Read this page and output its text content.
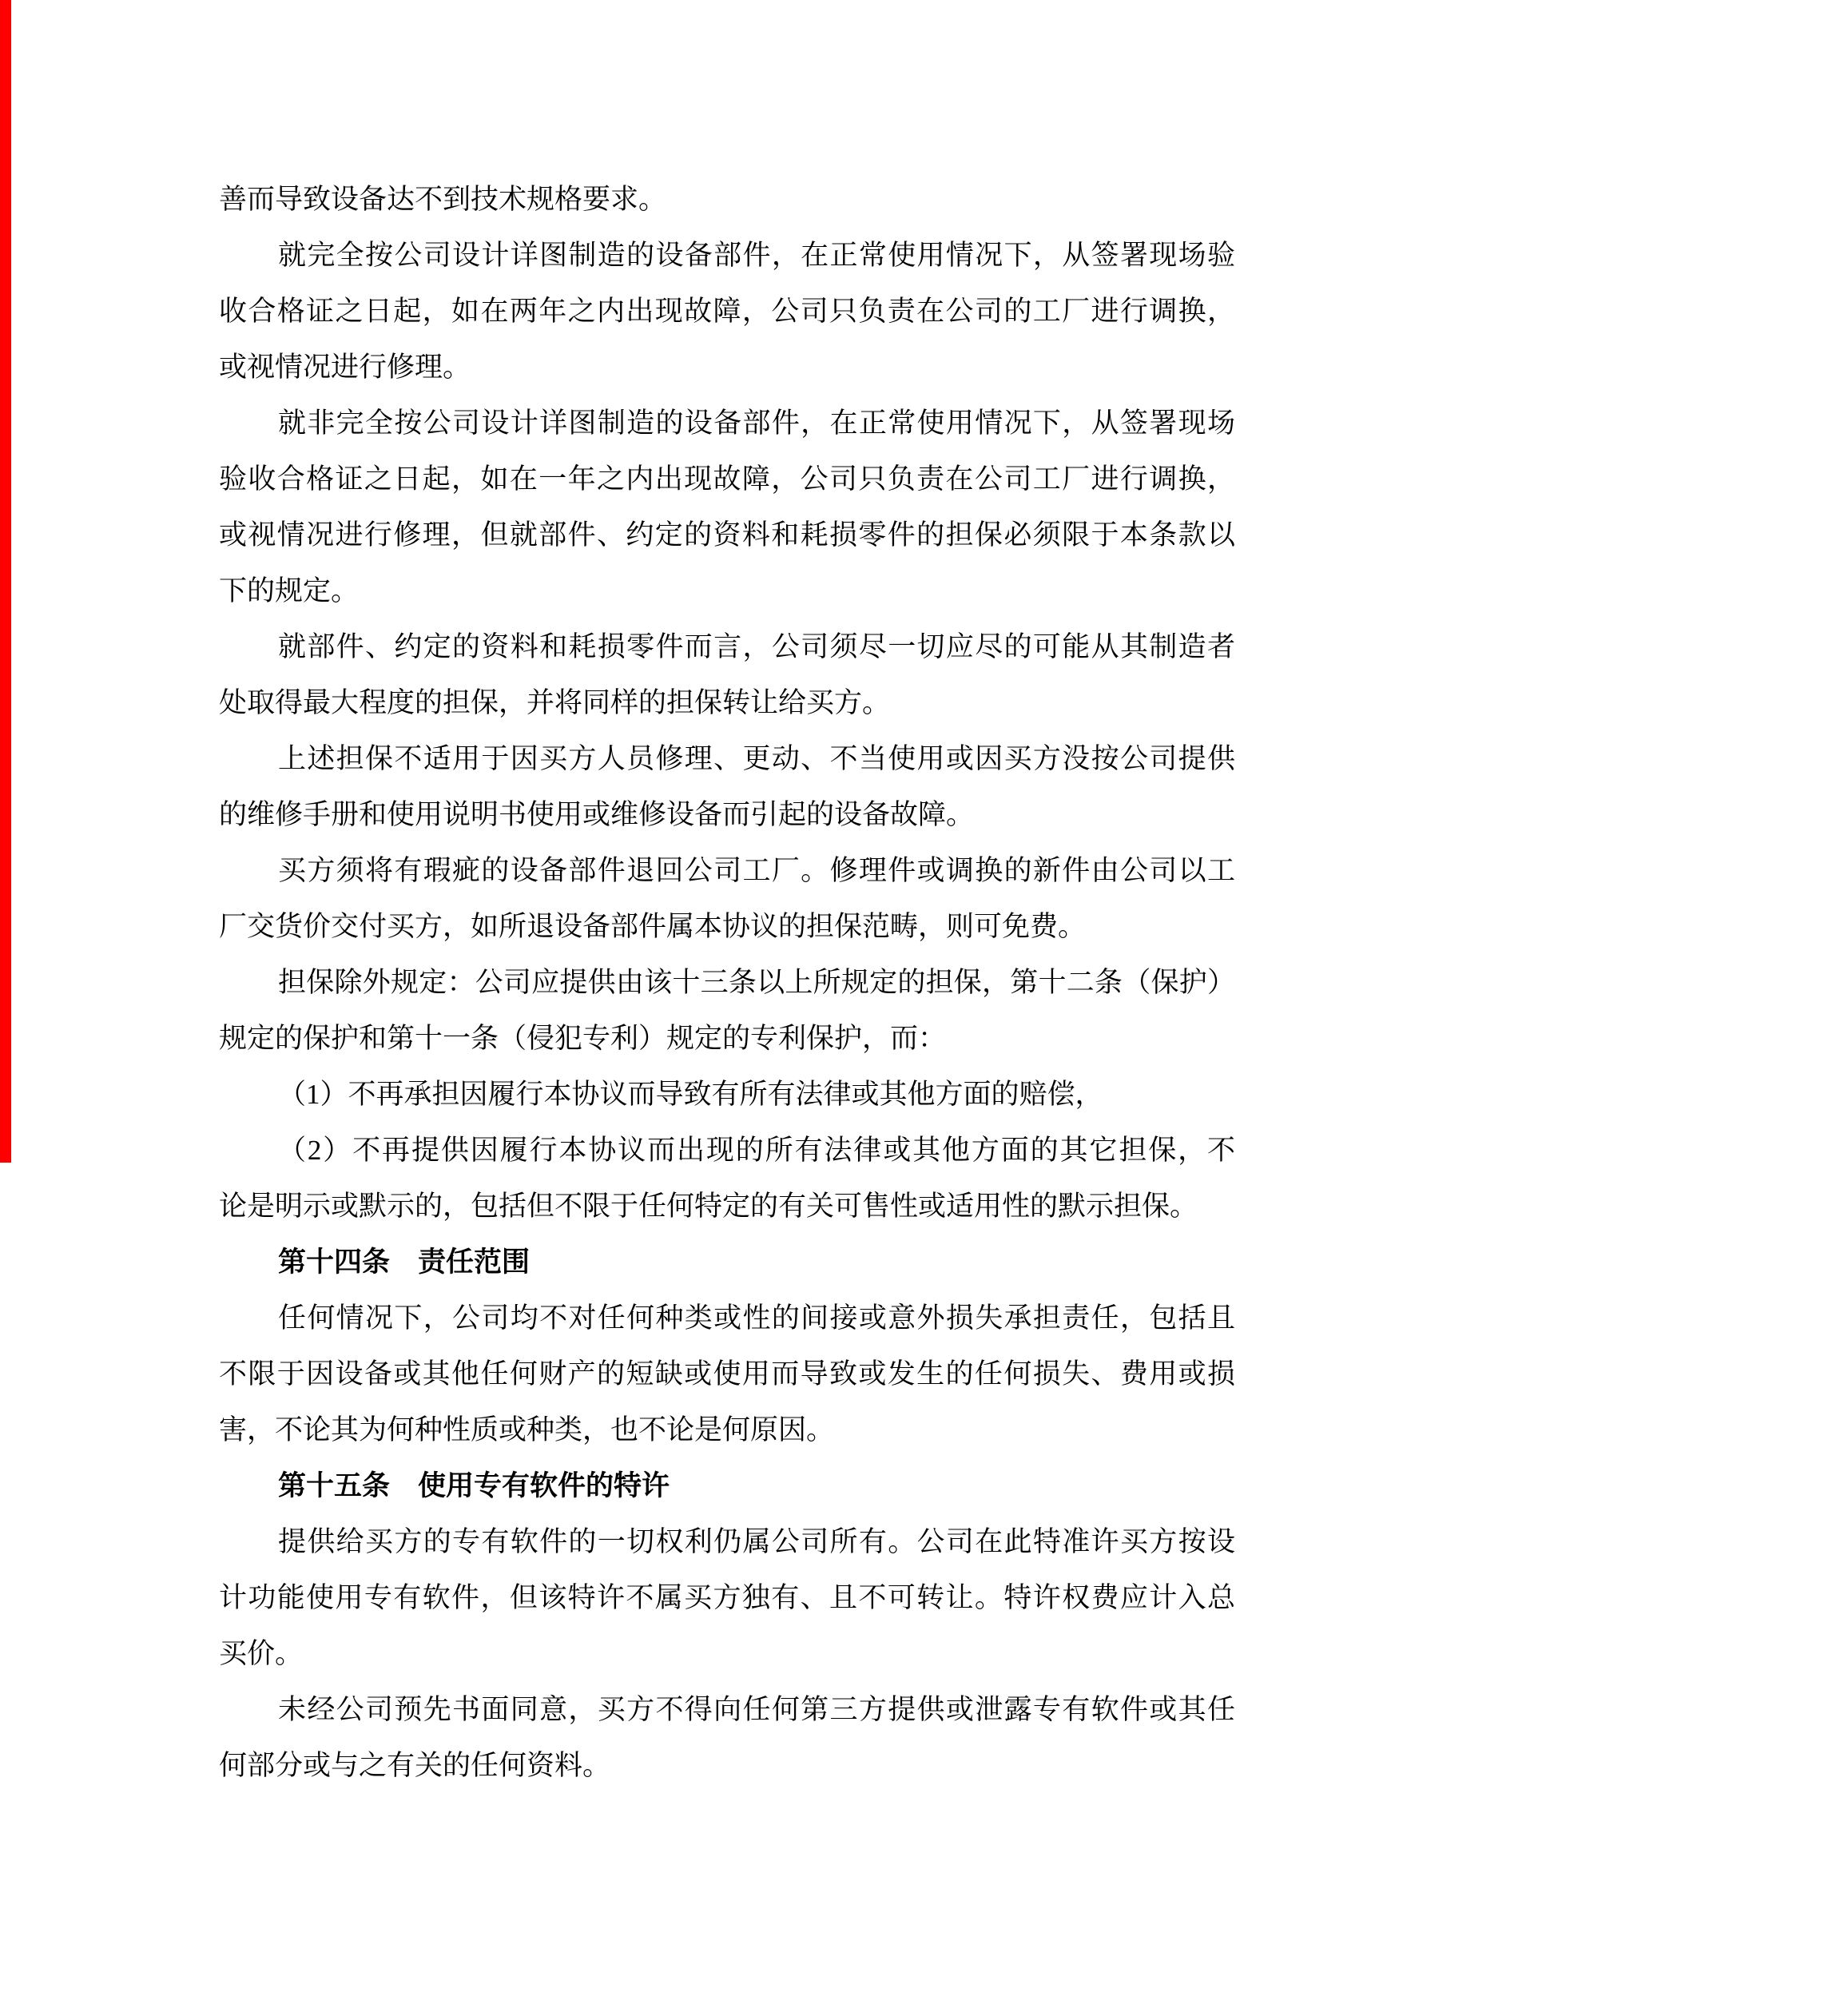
善而导致设备达不到技术规格要求。
就完全按公司设计详图制造的设备部件，在正常使用情况下，从签署现场验
收合格证之日起，如在两年之内出现故障，公司只负责在公司的工厂进行调换，
或视情况进行修理。
就非完全按公司设计详图制造的设备部件，在正常使用情况下，从签署现场
验收合格证之日起，如在一年之内出现故障，公司只负责在公司工厂进行调换，
或视情况进行修理，但就部件、约定的资料和耗损零件的担保必须限于本条款以
下的规定。
就部件、约定的资料和耗损零件而言，公司须尽一切应尽的可能从其制造者
处取得最大程度的担保，并将同样的担保转让给买方。
上述担保不适用于因买方人员修理、更动、不当使用或因买方没按公司提供
的维修手册和使用说明书使用或维修设备而引起的设备故障。
买方须将有瑕疵的设备部件退回公司工厂。修理件或调换的新件由公司以工
厂交货价交付买方，如所退设备部件属本协议的担保范畴，则可免费。
担保除外规定：公司应提供由该十三条以上所规定的担保，第十二条（保护）
规定的保护和第十一条（侵犯专利）规定的专利保护，而：
（1）不再承担因履行本协议而导致有所有法律或其他方面的赔偿，
（2）不再提供因履行本协议而出现的所有法律或其他方面的其它担保，不
论是明示或默示的，包括但不限于任何特定的有关可售性或适用性的默示担保。
第十四条　责任范围
任何情况下，公司均不对任何种类或性的间接或意外损失承担责任，包括且
不限于因设备或其他任何财产的短缺或使用而导致或发生的任何损失、费用或损
害，不论其为何种性质或种类，也不论是何原因。
第十五条　使用专有软件的特许
提供给买方的专有软件的一切权利仍属公司所有。公司在此特准许买方按设
计功能使用专有软件，但该特许不属买方独有、且不可转让。特许权费应计入总
买价。
未经公司预先书面同意，买方不得向任何第三方提供或泄露专有软件或其任
何部分或与之有关的任何资料。
